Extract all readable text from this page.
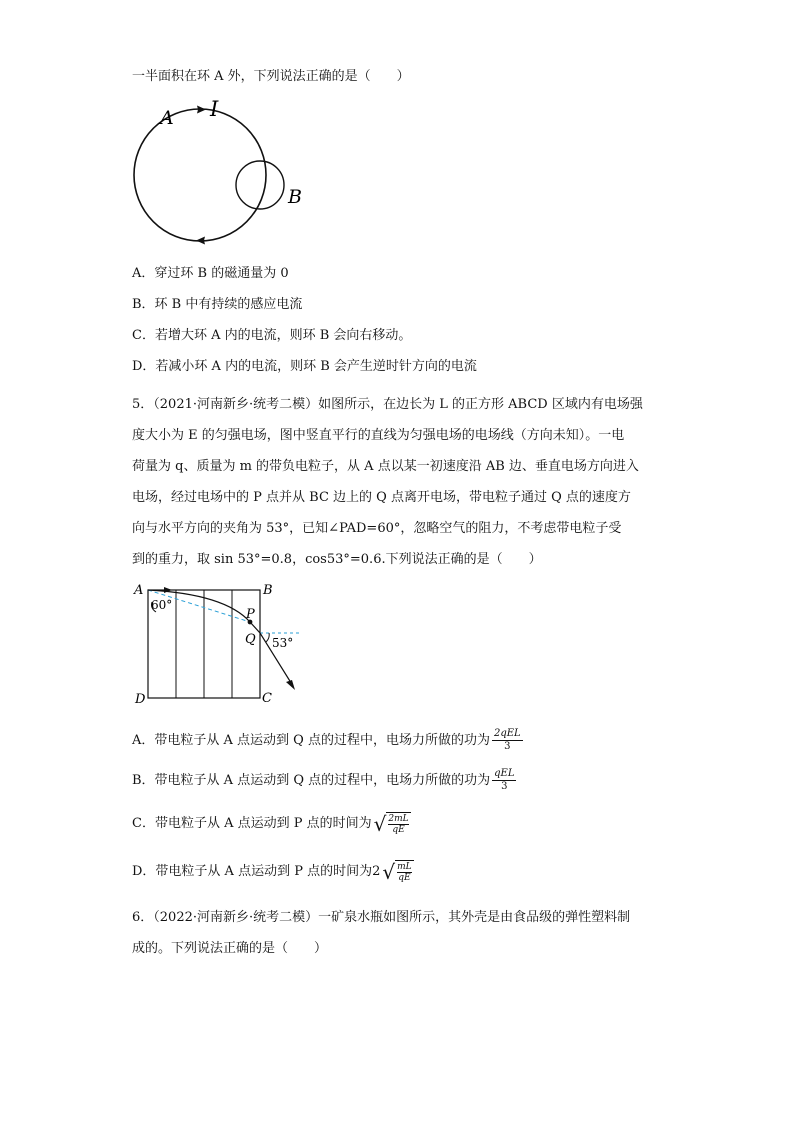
一半面积在环 A 外，下列说法正确的是（　　）
A I
B
A．穿过环 B 的磁通量为 0
B．环 B 中有持续的感应电流
C．若增大环 A 内的电流，则环 B 会向右移动。
D．若减小环 A 内的电流，则环 B 会产生逆时针方向的电流
5．（2021·河南新乡·统考二模）如图所示，在边长为 L 的正方形 ABCD 区域内有电场强
度大小为 E 的匀强电场，图中竖直平行的直线为匀强电场的电场线（方向未知）。一电
荷量为 q、质量为 m 的带负电粒子，从 A 点以某一初速度沿 AB 边、垂直电场方向进入
电场，经过电场中的 P 点并从 BC 边上的 Q 点离开电场，带电粒子通过 Q 点的速度方
向与水平方向的夹角为 53°，已知∠PAD=60°，忽略空气的阻力，不考虑带电粒子受
到的重力，取 sin 53°=0.8，cos53°=0.6.下列说法正确的是（　　）
A	B
C
D
P
Q
60°
53°
A．带电粒子从 A 点运动到 Q 点的过程中，电场力所做的功为 $\frac{\text{2qEL}}{3}$
B．带电粒子从 A 点运动到 Q 点的过程中，电场力所做的功为 $\frac{\text{qEL}}{3}$
C．带电粒子从 A 点运动到 P 点的时间为 √ $\frac{2mL}{qE}$
D．带电粒子从 A 点运动到 P 点的时间为2 √ $\frac{mL}{qE}$
6．（2022·河南新乡·统考二模）一矿泉水瓶如图所示，其外壳是由食品级的弹性塑料制
成的。下列说法正确的是（　　）
